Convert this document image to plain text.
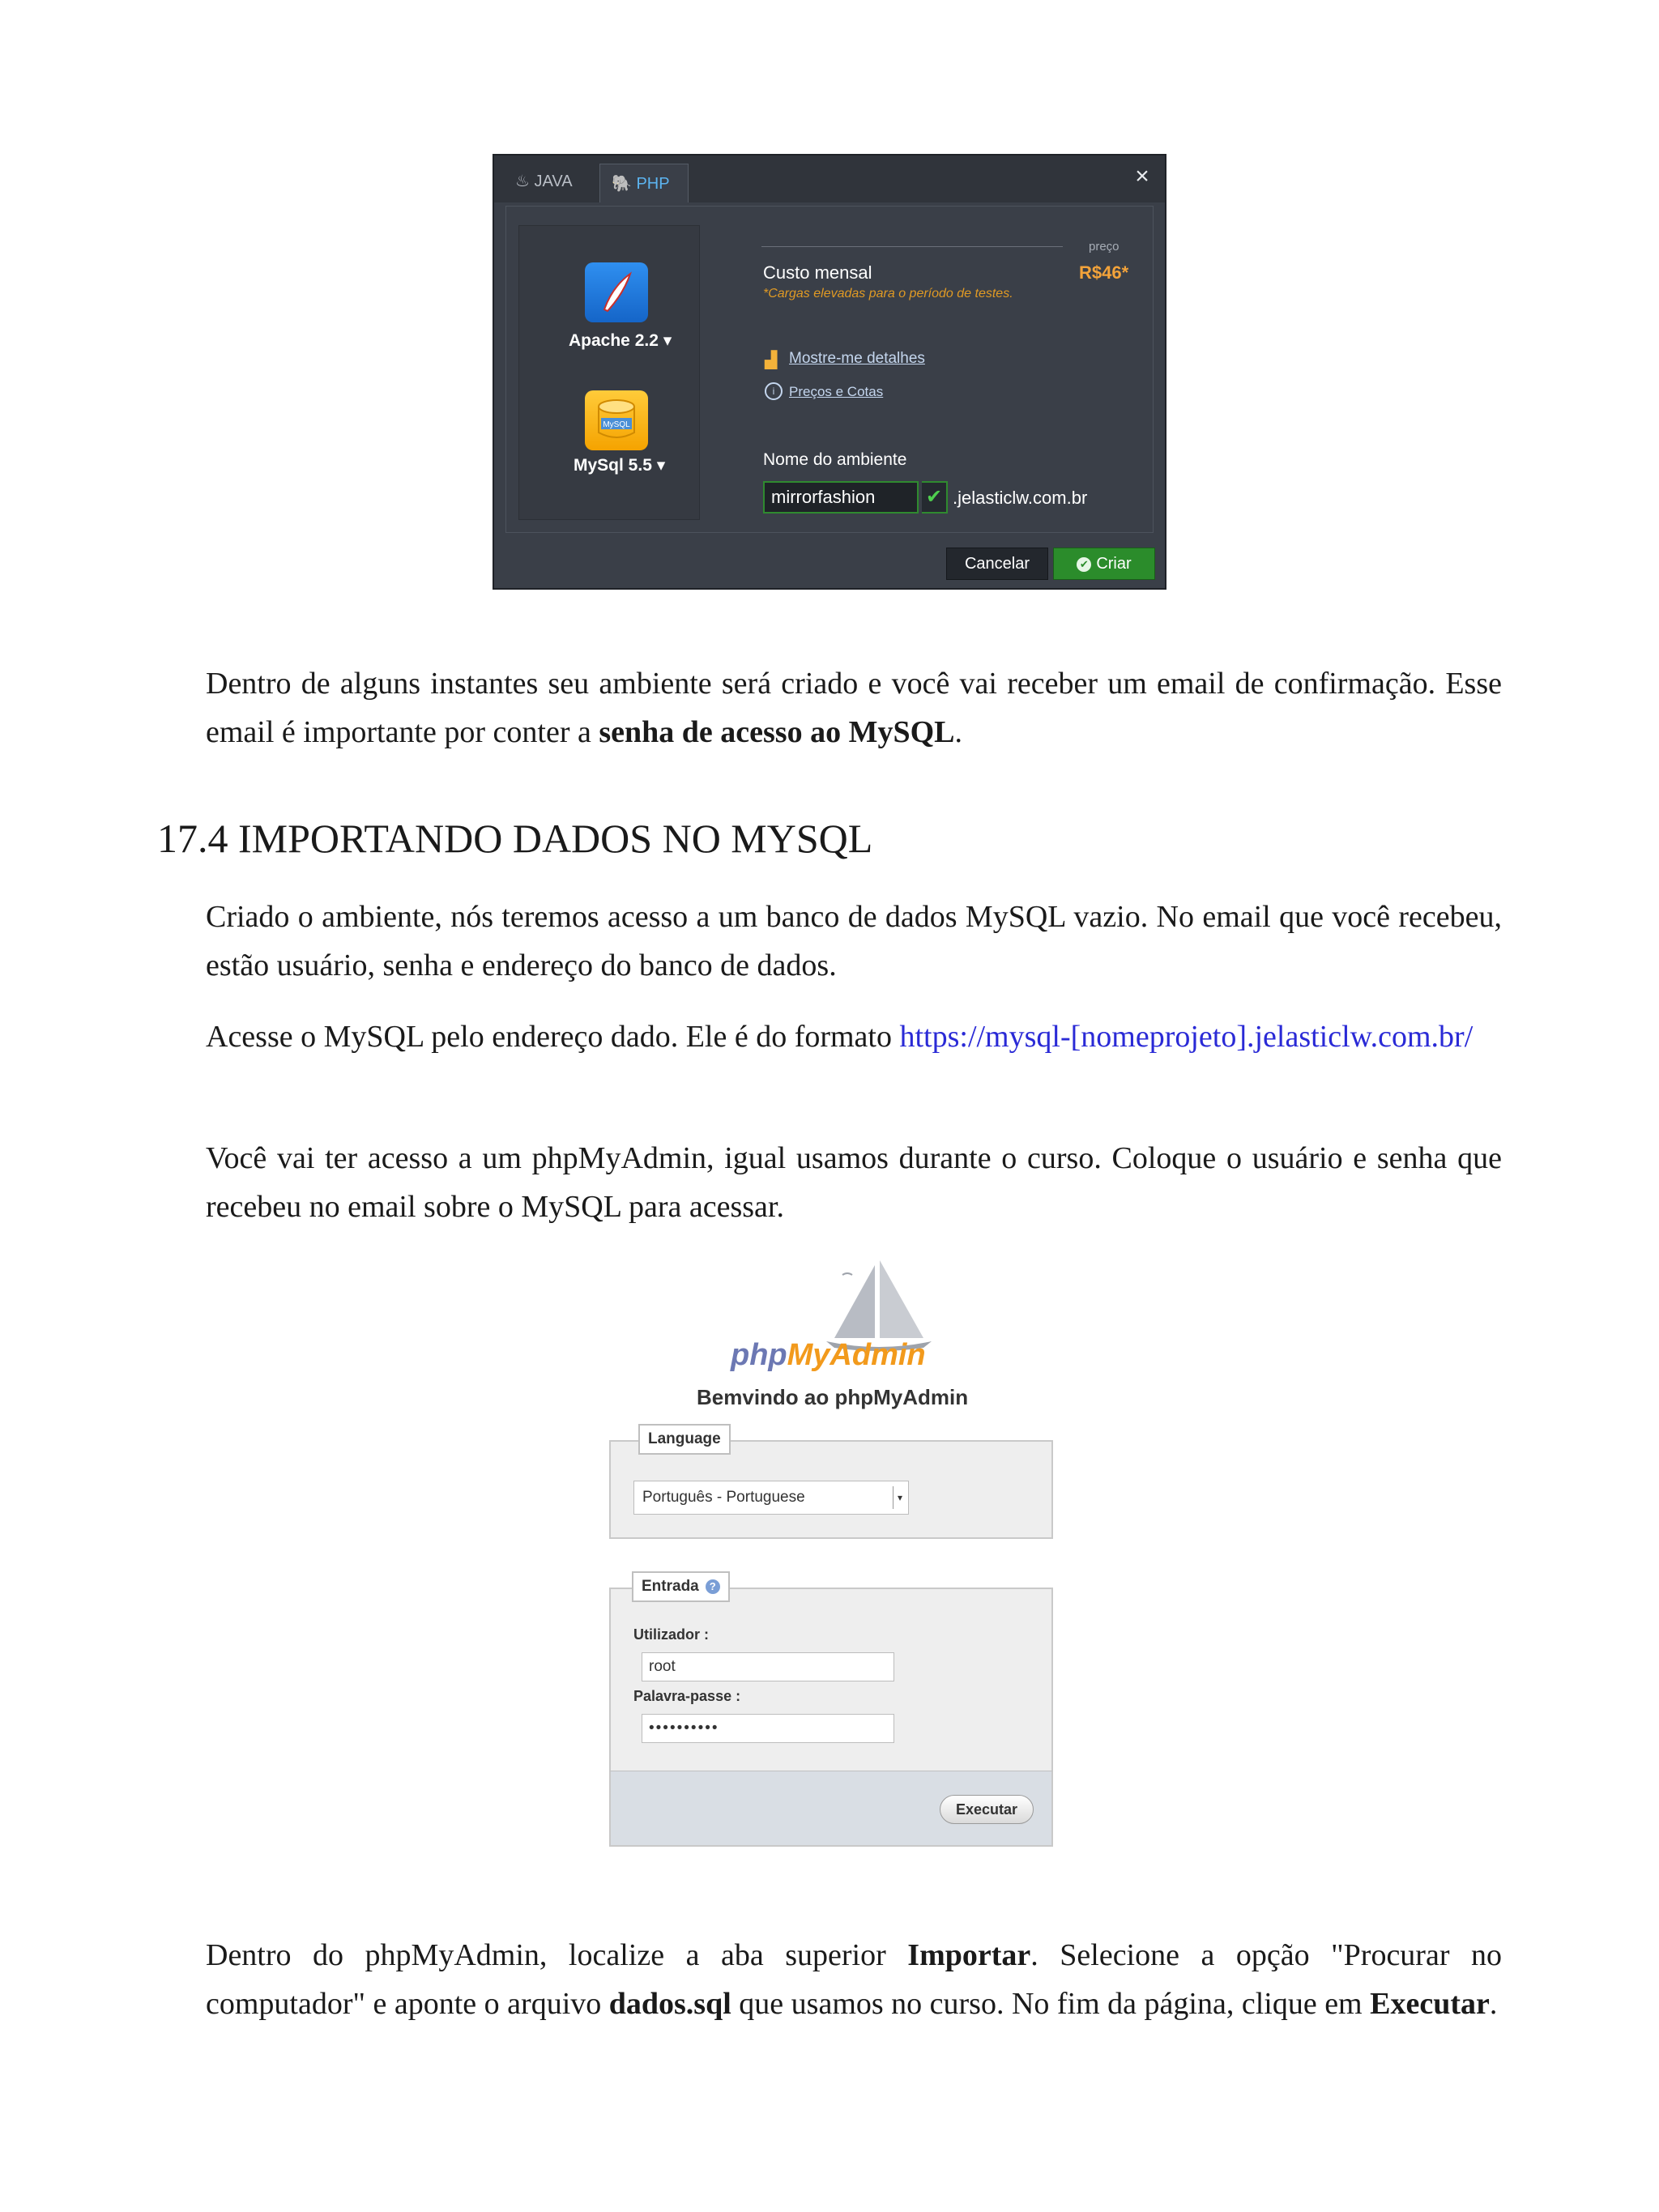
♨ JAVA	🐘 PHP	×
Apache 2.2 ▾
MySQL
MySql 5.5 ▾
preço
Custo mensal	R$46*
*Cargas elevadas para o período de testes.
▟ Mostre-me detalhes
i	Preços e Cotas
Nome do ambiente
mirrorfashion	✔ .jelasticlw.com.br
Cancelar	✔ Criar
Dentro de alguns instantes seu ambiente será criado e você vai receber um email de confirmação. Esse email é importante por conter a senha de acesso ao MySQL.
17.4 IMPORTANDO DADOS NO MYSQL
Criado o ambiente, nós teremos acesso a um banco de dados MySQL vazio. No email que você recebeu, estão usuário, senha e endereço do banco de dados.
Acesse o MySQL pelo endereço dado. Ele é do formato https://mysql-[nomeprojeto].jelasticlw.com.br/
Você vai ter acesso a um phpMyAdmin, igual usamos durante o curso. Coloque o usuário e senha que recebeu no email sobre o MySQL para acessar.
phpMyAdmin
Bemvindo ao phpMyAdmin
Language
Português - Portuguese	▾
Entrada ?
Utilizador :
root
Palavra-passe :
••••••••••
Executar
Dentro do phpMyAdmin, localize a aba superior Importar. Selecione a opção "Procurar no computador" e aponte o arquivo dados.sql que usamos no curso. No fim da página, clique em Executar.
